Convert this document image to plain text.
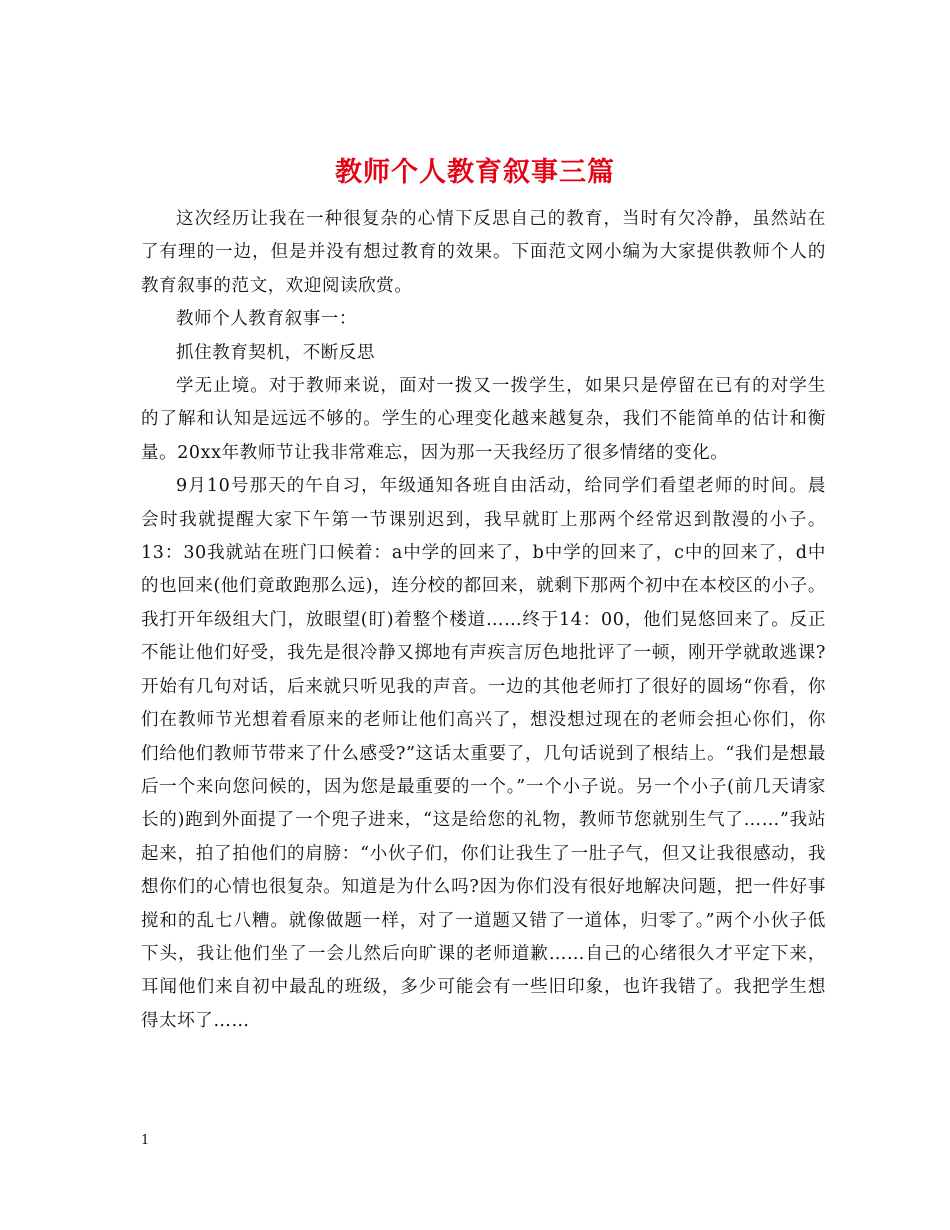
教师个人教育叙事三篇

这次经历让我在一种很复杂的心情下反思自己的教育，当时有欠冷静，虽然站在了有理的一边，但是并没有想过教育的效果。下面范文网小编为大家提供教师个人的教育叙事的范文，欢迎阅读欣赏。

教师个人教育叙事一：

抓住教育契机，不断反思

学无止境。对于教师来说，面对一拨又一拨学生，如果只是停留在已有的对学生的了解和认知是远远不够的。学生的心理变化越来越复杂，我们不能简单的估计和衡量。20xx年教师节让我非常难忘，因为那一天我经历了很多情绪的变化。

9月10号那天的午自习，年级通知各班自由活动，给同学们看望老师的时间。晨会时我就提醒大家下午第一节课别迟到，我早就盯上那两个经常迟到散漫的小子。13：30我就站在班门口候着：a中学的回来了，b中学的回来了，c中的回来了，d中的也回来(他们竟敢跑那么远)，连分校的都回来，就剩下那两个初中在本校区的小子。我打开年级组大门，放眼望(盯)着整个楼道……终于14：00，他们晃悠回来了。反正不能让他们好受，我先是很冷静又掷地有声疾言厉色地批评了一顿，刚开学就敢逃课?开始有几句对话，后来就只听见我的声音。一边的其他老师打了很好的圆场“你看，你们在教师节光想着看原来的老师让他们高兴了，想没想过现在的老师会担心你们，你们给他们教师节带来了什么感受?”这话太重要了，几句话说到了根结上。“我们是想最后一个来向您问候的，因为您是最重要的一个。”一个小子说。另一个小子(前几天请家长的)跑到外面提了一个兜子进来，“这是给您的礼物，教师节您就别生气了……”我站起来，拍了拍他们的肩膀：“小伙子们，你们让我生了一肚子气，但又让我很感动，我想你们的心情也很复杂。知道是为什么吗?因为你们没有很好地解决问题，把一件好事搅和的乱七八糟。就像做题一样，对了一道题又错了一道体，归零了。”两个小伙子低下头，我让他们坐了一会儿然后向旷课的老师道歉……自己的心绪很久才平定下来，耳闻他们来自初中最乱的班级，多少可能会有一些旧印象，也许我错了。我把学生想得太坏了……

1
